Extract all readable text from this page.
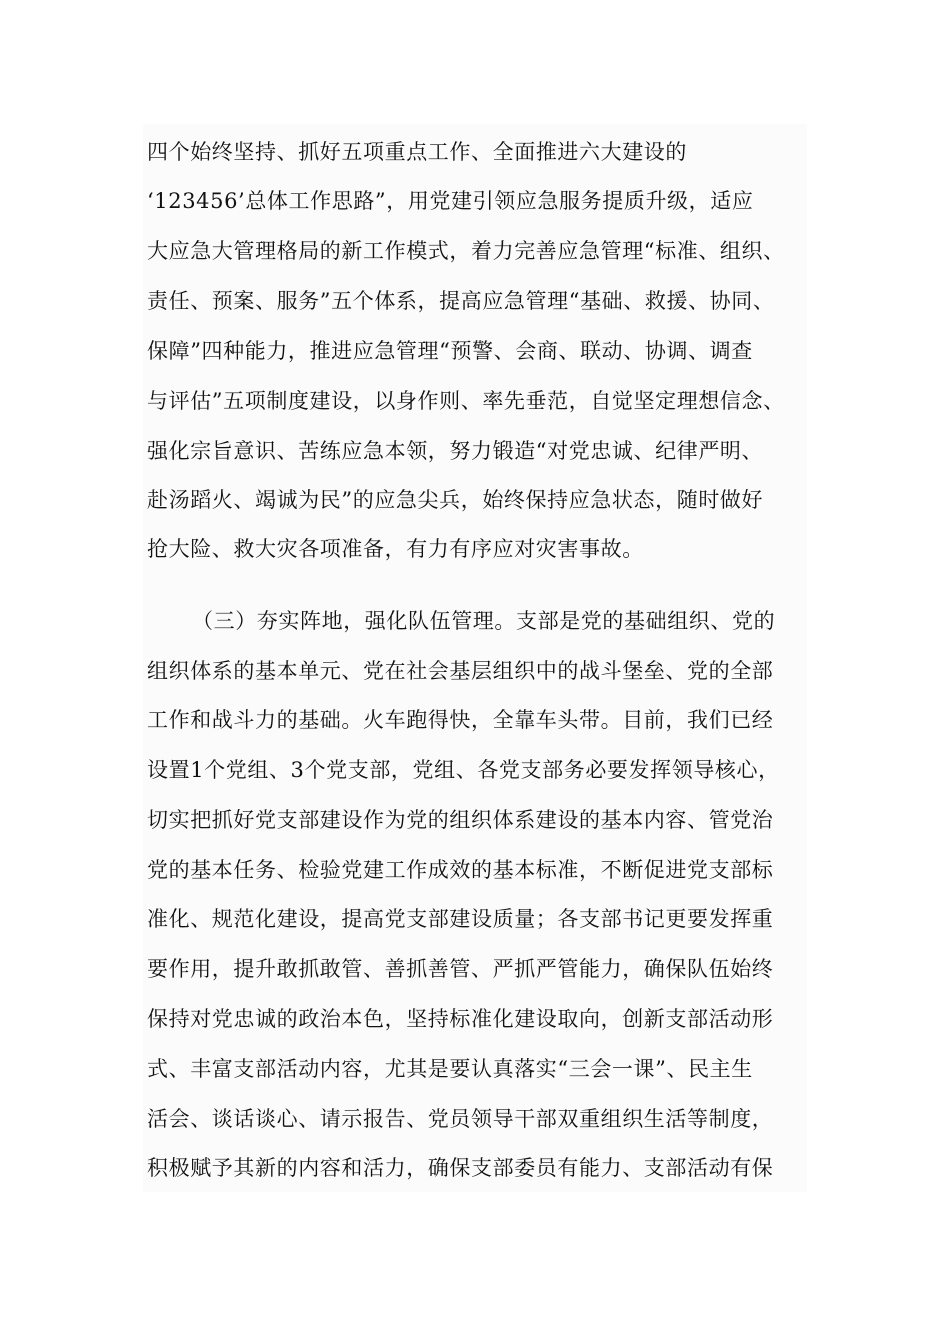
四个始终坚持、抓好五项重点工作、全面推进六大建设的
‘123456’总体工作思路”，用党建引领应急服务提质升级，适应
大应急大管理格局的新工作模式，着力完善应急管理“标准、组织、
责任、预案、服务”五个体系，提高应急管理“基础、救援、协同、
保障”四种能力，推进应急管理“预警、会商、联动、协调、调查
与评估”五项制度建设，以身作则、率先垂范，自觉坚定理想信念、
强化宗旨意识、苦练应急本领，努力锻造“对党忠诚、纪律严明、
赴汤蹈火、竭诚为民”的应急尖兵，始终保持应急状态，随时做好
抢大险、救大灾各项准备，有力有序应对灾害事故。
（三）夯实阵地，强化队伍管理。支部是党的基础组织、党的
组织体系的基本单元、党在社会基层组织中的战斗堡垒、党的全部
工作和战斗力的基础。火车跑得快，全靠车头带。目前，我们已经
设置1个党组、3个党支部，党组、各党支部务必要发挥领导核心，
切实把抓好党支部建设作为党的组织体系建设的基本内容、管党治
党的基本任务、检验党建工作成效的基本标准，不断促进党支部标
准化、规范化建设，提高党支部建设质量；各支部书记更要发挥重
要作用，提升敢抓敢管、善抓善管、严抓严管能力，确保队伍始终
保持对党忠诚的政治本色，坚持标准化建设取向，创新支部活动形
式、丰富支部活动内容，尤其是要认真落实“三会一课”、民主生
活会、谈话谈心、请示报告、党员领导干部双重组织生活等制度，
积极赋予其新的内容和活力，确保支部委员有能力、支部活动有保
